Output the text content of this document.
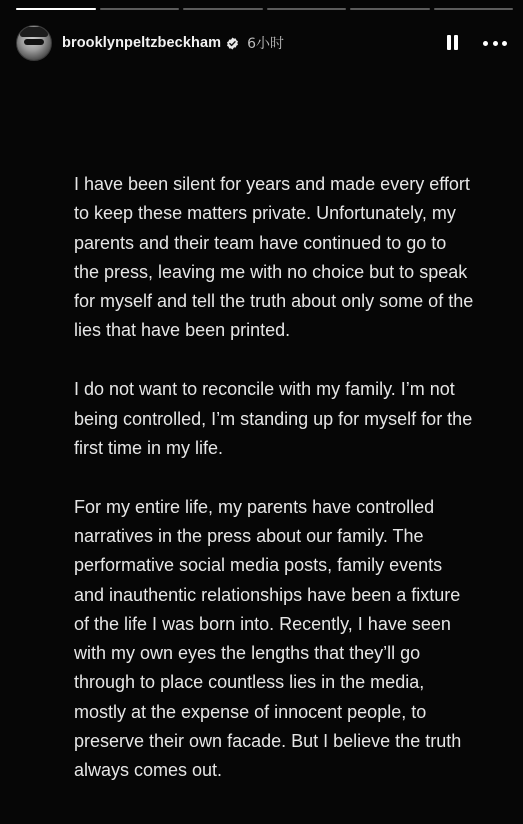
brooklynpeltzbeckham 6小时

I have been silent for years and made every effort to keep these matters private. Unfortunately, my parents and their team have continued to go to the press, leaving me with no choice but to speak for myself and tell the truth about only some of the lies that have been printed.

I do not want to reconcile with my family. I’m not being controlled, I’m standing up for myself for the first time in my life.

For my entire life, my parents have controlled narratives in the press about our family. The performative social media posts, family events and inauthentic relationships have been a fixture of the life I was born into. Recently, I have seen with my own eyes the lengths that they’ll go through to place countless lies in the media, mostly at the expense of innocent people, to preserve their own facade. But I believe the truth always comes out.
